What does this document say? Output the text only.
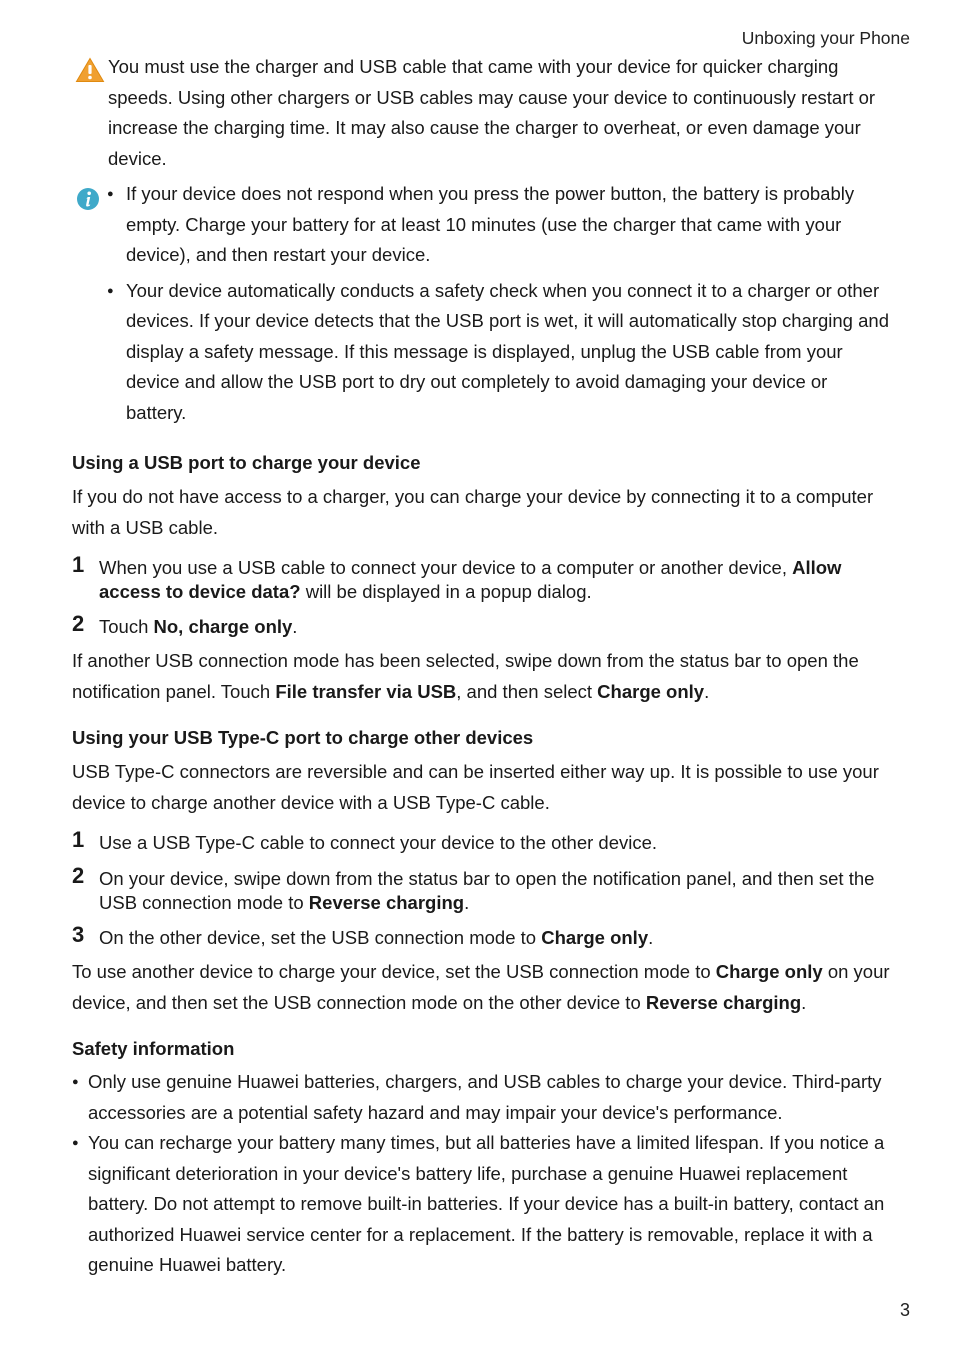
Unboxing your Phone
You must use the charger and USB cable that came with your device for quicker charging speeds. Using other chargers or USB cables may cause your device to continuously restart or increase the charging time. It may also cause the charger to overheat, or even damage your device.
● If your device does not respond when you press the power button, the battery is probably empty. Charge your battery for at least 10 minutes (use the charger that came with your device), and then restart your device.
● Your device automatically conducts a safety check when you connect it to a charger or other devices. If your device detects that the USB port is wet, it will automatically stop charging and display a safety message. If this message is displayed, unplug the USB cable from your device and allow the USB port to dry out completely to avoid damaging your device or battery.
Using a USB port to charge your device

If you do not have access to a charger, you can charge your device by connecting it to a computer with a USB cable.

1 When you use a USB cable to connect your device to a computer or another device, Allow access to device data? will be displayed in a popup dialog.
2 Touch No, charge only.

If another USB connection mode has been selected, swipe down from the status bar to open the notification panel. Touch File transfer via USB, and then select Charge only.

Using your USB Type-C port to charge other devices

USB Type-C connectors are reversible and can be inserted either way up. It is possible to use your device to charge another device with a USB Type-C cable.

1 Use a USB Type-C cable to connect your device to the other device.
2 On your device, swipe down from the status bar to open the notification panel, and then set the USB connection mode to Reverse charging.
3 On the other device, set the USB connection mode to Charge only.

To use another device to charge your device, set the USB connection mode to Charge only on your device, and then set the USB connection mode on the other device to Reverse charging.

Safety information
● Only use genuine Huawei batteries, chargers, and USB cables to charge your device. Third-party accessories are a potential safety hazard and may impair your device's performance.
● You can recharge your battery many times, but all batteries have a limited lifespan. If you notice a significant deterioration in your device's battery life, purchase a genuine Huawei replacement battery. Do not attempt to remove built-in batteries. If your device has a built-in battery, contact an authorized Huawei service center for a replacement. If the battery is removable, replace it with a genuine Huawei battery.
3
